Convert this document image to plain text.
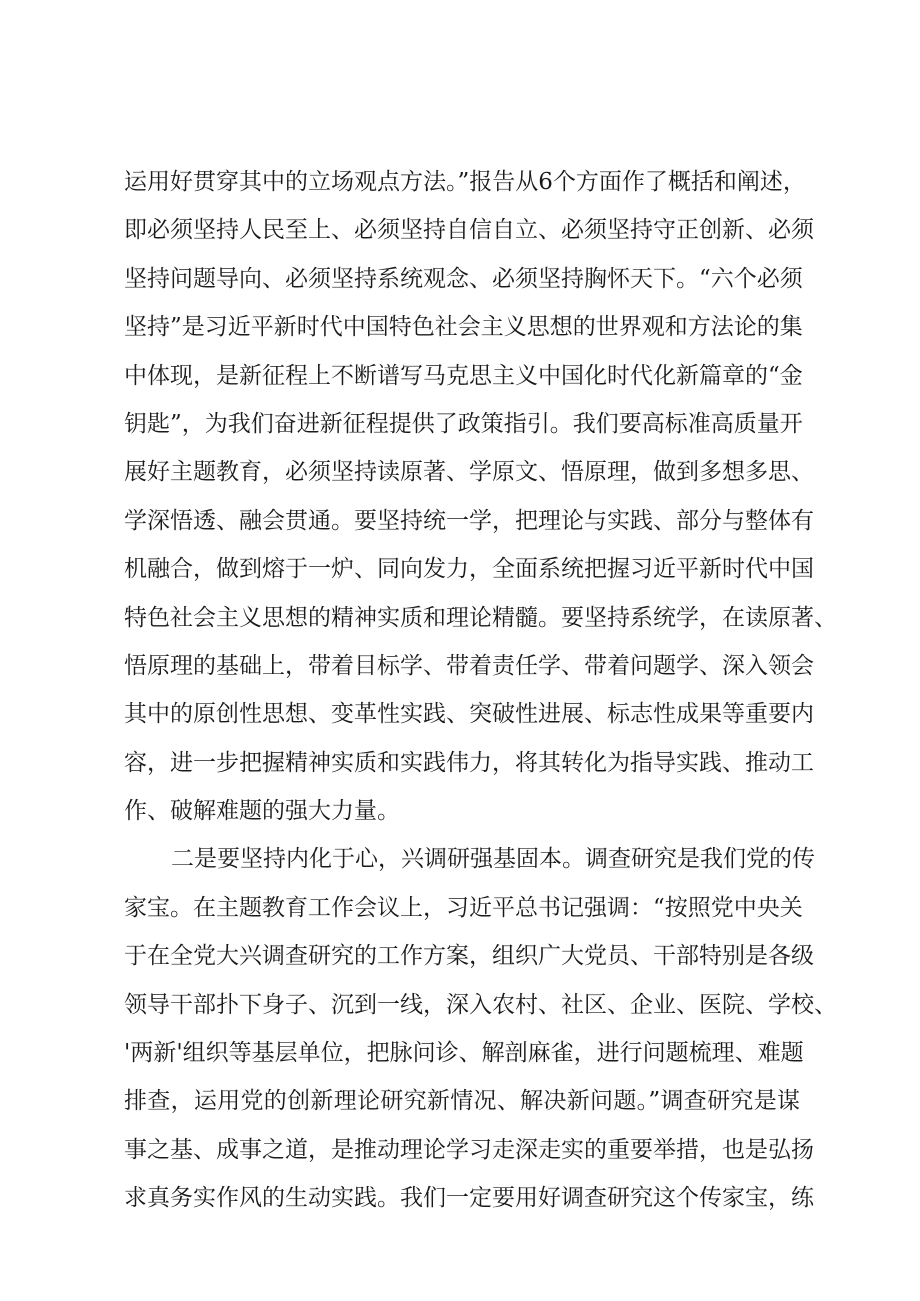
运用好贯穿其中的立场观点方法。”报告从6个方面作了概括和阐述，
即必须坚持人民至上、必须坚持自信自立、必须坚持守正创新、必须
坚持问题导向、必须坚持系统观念、必须坚持胸怀天下。“六个必须
坚持”是习近平新时代中国特色社会主义思想的世界观和方法论的集
中体现，是新征程上不断谱写马克思主义中国化时代化新篇章的“金
钥匙”，为我们奋进新征程提供了政策指引。我们要高标准高质量开
展好主题教育，必须坚持读原著、学原文、悟原理，做到多想多思、
学深悟透、融会贯通。要坚持统一学，把理论与实践、部分与整体有
机融合，做到熔于一炉、同向发力，全面系统把握习近平新时代中国
特色社会主义思想的精神实质和理论精髓。要坚持系统学，在读原著、
悟原理的基础上，带着目标学、带着责任学、带着问题学、深入领会
其中的原创性思想、变革性实践、突破性进展、标志性成果等重要内
容，进一步把握精神实质和实践伟力，将其转化为指导实践、推动工
作、破解难题的强大力量。
二是要坚持内化于心，兴调研强基固本。调查研究是我们党的传
家宝。在主题教育工作会议上，习近平总书记强调：“按照党中央关
于在全党大兴调查研究的工作方案，组织广大党员、干部特别是各级
领导干部扑下身子、沉到一线，深入农村、社区、企业、医院、学校、
'两新'组织等基层单位，把脉问诊、解剖麻雀，进行问题梳理、难题
排查，运用党的创新理论研究新情况、解决新问题。”调查研究是谋
事之基、成事之道，是推动理论学习走深走实的重要举措，也是弘扬
求真务实作风的生动实践。我们一定要用好调查研究这个传家宝，练
